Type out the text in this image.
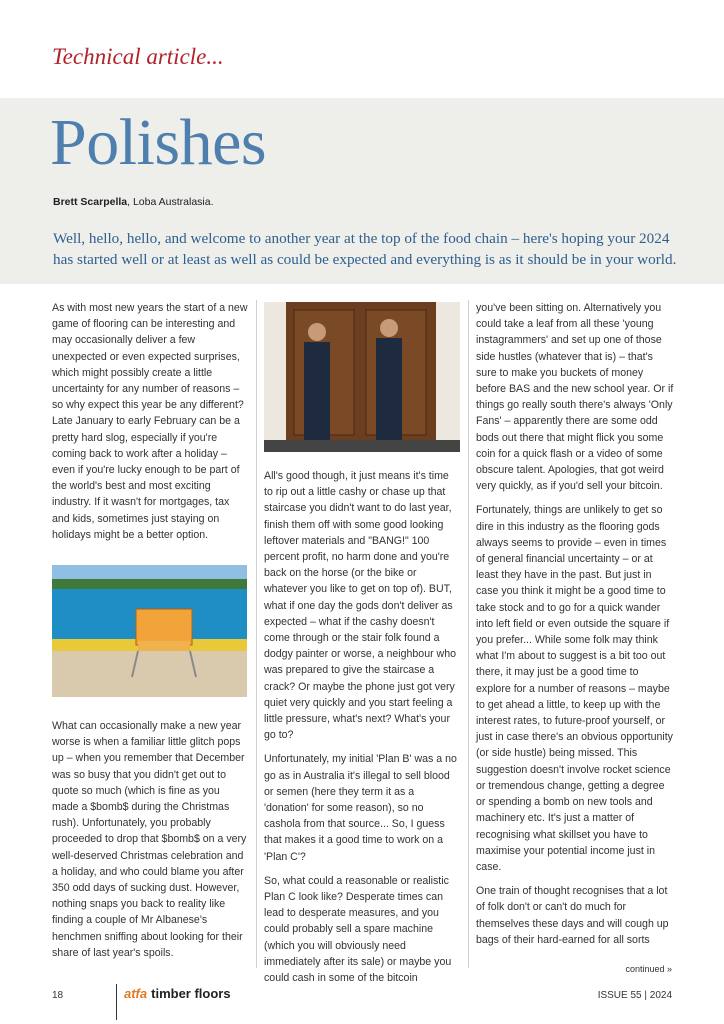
Technical article...
Polishes
Brett Scarpella, Loba Australasia.
Well, hello, hello, and welcome to another year at the top of the food chain – here's hoping your 2024 has started well or at least as well as could be expected and everything is as it should be in your world.

As with most new years the start of a new game of flooring can be interesting and may occasionally deliver a few unexpected or even expected surprises, which might possibly create a little uncertainty for any number of reasons – so why expect this year be any different? Late January to early February can be a pretty hard slog, especially if you're coming back to work after a holiday – even if you're lucky enough to be part of the world's best and most exciting industry. If it wasn't for mortgages, tax and kids, sometimes just staying on holidays might be a better option.

What can occasionally make a new year worse is when a familiar little glitch pops up – when you remember that December was so busy that you didn't get out to quote so much (which is fine as you made a $bomb$ during the Christmas rush). Unfortunately, you probably proceeded to drop that $bomb$ on a very well-deserved Christmas celebration and a holiday, and who could blame you after 350 odd days of sucking dust. However, nothing snaps you back to reality like finding a couple of Mr Albanese's henchmen sniffing about looking for their share of last year's spoils.

All's good though, it just means it's time to rip out a little cashy or chase up that staircase you didn't want to do last year, finish them off with some good looking leftover materials and "BANG!" 100 percent profit, no harm done and you're back on the horse (or the bike or whatever you like to get on top of). BUT, what if one day the gods don't deliver as expected – what if the cashy doesn't come through or the stair folk found a dodgy painter or worse, a neighbour who was prepared to give the staircase a crack? Or maybe the phone just got very quiet very quickly and you start feeling a little pressure, what's next? What's your go to?

Unfortunately, my initial 'Plan B' was a no go as in Australia it's illegal to sell blood or semen (here they term it as a 'donation' for some reason), so no cashola from that source... So, I guess that makes it a good time to work on a 'Plan C'?

So, what could a reasonable or realistic Plan C look like? Desperate times can lead to desperate measures, and you could probably sell a spare machine (which you will obviously need immediately after its sale) or maybe you could cash in some of the bitcoin

you've been sitting on. Alternatively you could take a leaf from all these 'young instagrammers' and set up one of those side hustles (whatever that is) – that's sure to make you buckets of money before BAS and the new school year. Or if things go really south there's always 'Only Fans' – apparently there are some odd bods out there that might flick you some coin for a quick flash or a video of some obscure talent. Apologies, that got weird very quickly, as if you'd sell your bitcoin.

Fortunately, things are unlikely to get so dire in this industry as the flooring gods always seems to provide – even in times of general financial uncertainty – or at least they have in the past. But just in case you think it might be a good time to take stock and to go for a quick wander into left field or even outside the square if you prefer... While some folk may think what I'm about to suggest is a bit too out there, it may just be a good time to explore for a number of reasons – maybe to get ahead a little, to keep up with the interest rates, to future-proof yourself, or just in case there's an obvious opportunity (or side hustle) being missed. This suggestion doesn't involve rocket science or tremendous change, getting a degree or spending a bomb on new tools and machinery etc. It's just a matter of recognising what skillset you have to maximise your potential income just in case.

One train of thought recognises that a lot of folk don't or can't do much for themselves these days and will cough up bags of their hard-earned for all sorts

continued »
18	atfa timber floors	ISSUE 55 | 2024
